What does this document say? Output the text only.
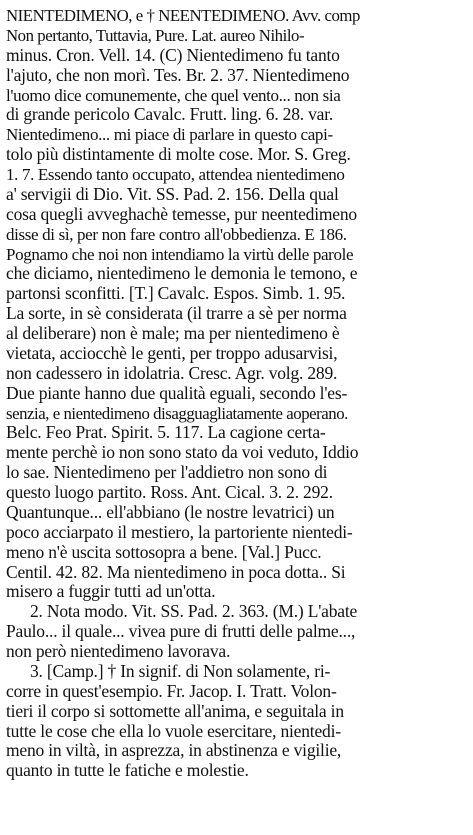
NIENTEDIMENO, e † NEENTEDIMENO. Avv. comp
Non pertanto, Tuttavia, Pure. Lat. aureo Nihilo-
minus. Cron. Vell. 14. (C) Nientedimeno fu tanto
l'ajuto, che non morì. Tes. Br. 2. 37. Nientedimeno
l'uomo dice comunemente, che quel vento... non sia
di grande pericolo Cavalc. Frutt. ling. 6. 28. var.
Nientedimeno... mi piace di parlare in questo capi-
tolo più distintamente di molte cose. Mor. S. Greg.
1. 7. Essendo tanto occupato, attendea nientedimeno
a' servigii di Dio. Vit. SS. Pad. 2. 156. Della qual
cosa quegli avveghachè temesse, pur neentedimeno
disse di sì, per non fare contro all'obbedienza. E 186.
Pognamo che noi non intendiamo la virtù delle parole
che diciamo, nientedimeno le demonia le temono, e
partonsi sconfitti. [T.] Cavalc. Espos. Simb. 1. 95.
La sorte, in sè considerata (il trarre a sè per norma
al deliberare) non è male; ma per nientedimeno è
vietata, acciocchè le genti, per troppo adusarvisi,
non cadessero in idolatria. Cresc. Agr. volg. 289.
Due piante hanno due qualità eguali, secondo l'es-
senzia, e nientedimeno disagguagliatamente aoperano.
Belc. Feo Prat. Spirit. 5. 117. La cagione certa-
mente perchè io non sono stato da voi veduto, Iddio
lo sae. Nientedimeno per l'addietro non sono di
questo luogo partito. Ross. Ant. Cical. 3. 2. 292.
Quantunque... ell'abbiano (le nostre levatrici) un
poco acciarpato il mestiero, la partoriente nientedi-
meno n'è uscita sottosopra a bene. [Val.] Pucc.
Centil. 42. 82. Ma nientedimeno in poca dotta.. Si
misero a fuggir tutti ad un'otta.
2. Nota modo. Vit. SS. Pad. 2. 363. (M.) L'abate
Paulo... il quale... vivea pure di frutti delle palme...,
non però nientedimeno lavorava.
3. [Camp.] † In signif. di Non solamente, ri-
corre in quest'esempio. Fr. Jacop. I. Tratt. Volon-
tieri il corpo si sottomette all'anima, e seguitala in
tutte le cose che ella lo vuole esercitare, nientedi-
meno in viltà, in asprezza, in abstinenza e vigilie,
quanto in tutte le fatiche e molestie.
